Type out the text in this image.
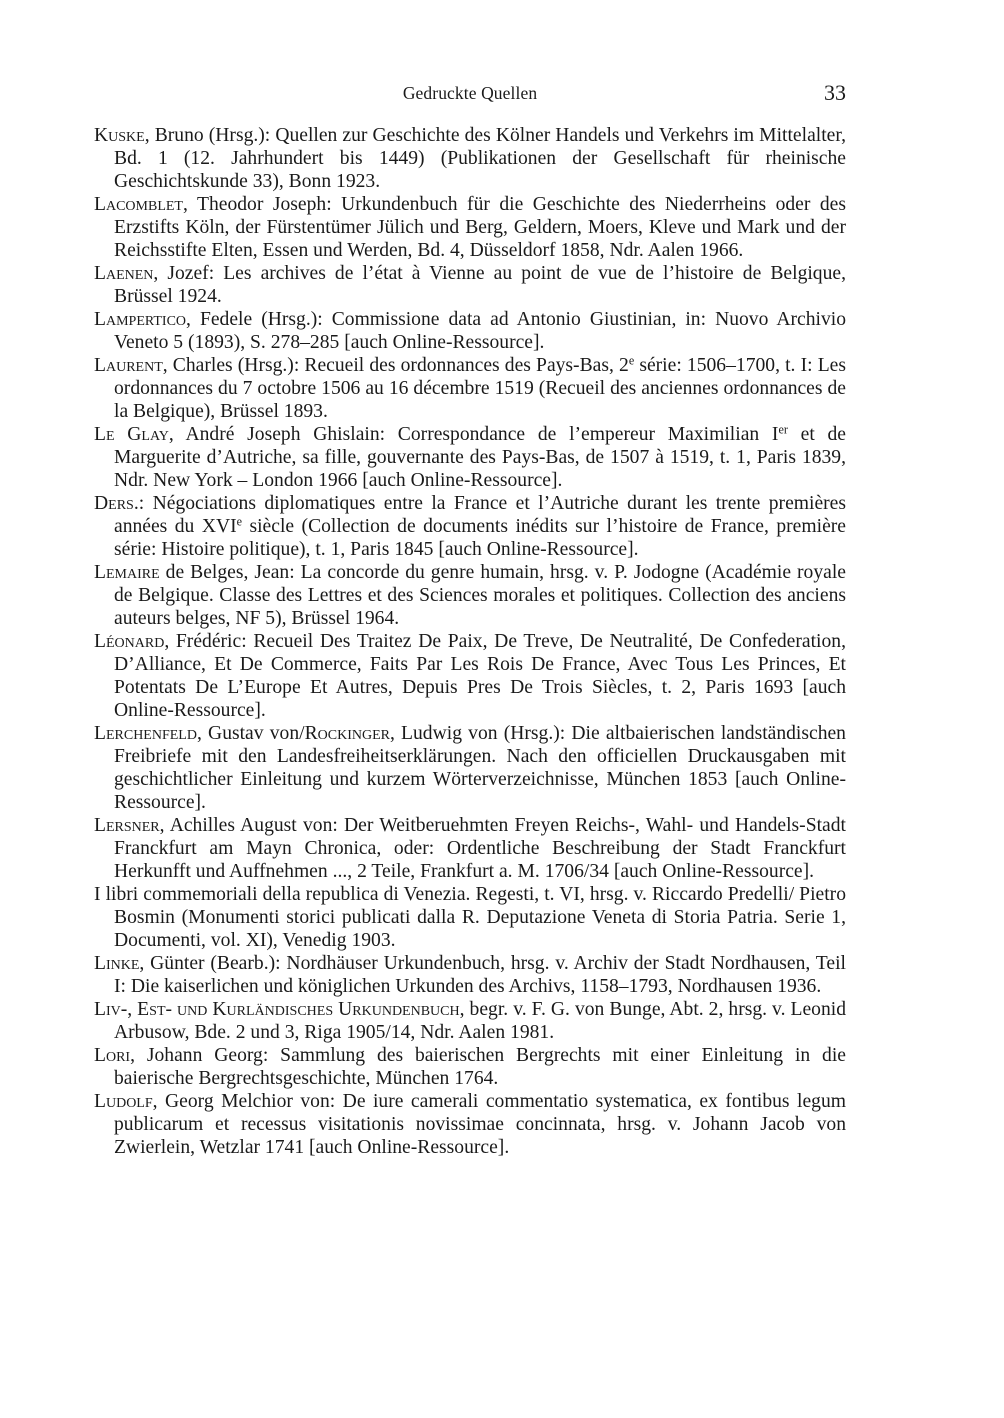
Gedruckte Quellen	33

Kuske, Bruno (Hrsg.): Quellen zur Geschichte des Kölner Handels und Verkehrs im Mittelalter, Bd. 1 (12. Jahrhundert bis 1449) (Publikationen der Gesellschaft für rheinische Geschichtskunde 33), Bonn 1923.

Lacomblet, Theodor Joseph: Urkundenbuch für die Geschichte des Niederrheins oder des Erzstifts Köln, der Fürstentümer Jülich und Berg, Geldern, Moers, Kleve und Mark und der Reichsstifte Elten, Essen und Werden, Bd. 4, Düsseldorf 1858, Ndr. Aalen 1966.

Laenen, Jozef: Les archives de l’état à Vienne au point de vue de l’histoire de Belgique, Brüssel 1924.

Lampertico, Fedele (Hrsg.): Commissione data ad Antonio Giustinian, in: Nuovo Archivio Veneto 5 (1893), S. 278–285 [auch Online-Ressource].

Laurent, Charles (Hrsg.): Recueil des ordonnances des Pays-Bas, 2e série: 1506–1700, t. I: Les ordonnances du 7 octobre 1506 au 16 décembre 1519 (Recueil des anciennes ordonnances de la Belgique), Brüssel 1893.

Le Glay, André Joseph Ghislain: Correspondance de l’empereur Maximilian Ier et de Marguerite d’Autriche, sa fille, gouvernante des Pays-Bas, de 1507 à 1519, t. 1, Paris 1839, Ndr. New York – London 1966 [auch Online-Ressource].

Ders.: Négociations diplomatiques entre la France et l’Autriche durant les trente premières années du XVIe siècle (Collection de documents inédits sur l’histoire de France, première série: Histoire politique), t. 1, Paris 1845 [auch Online-Ressource].

Lemaire de Belges, Jean: La concorde du genre humain, hrsg. v. P. Jodogne (Académie royale de Belgique. Classe des Lettres et des Sciences morales et politiques. Collection des anciens auteurs belges, NF 5), Brüssel 1964.

Léonard, Frédéric: Recueil Des Traitez De Paix, De Treve, De Neutralité, De Confederation, D’Alliance, Et De Commerce, Faits Par Les Rois De France, Avec Tous Les Princes, Et Potentats De L’Europe Et Autres, Depuis Pres De Trois Siècles, t. 2, Paris 1693 [auch Online-Ressource].

Lerchenfeld, Gustav von/Rockinger, Ludwig von (Hrsg.): Die altbaierischen landständischen Freibriefe mit den Landesfreiheitserklärungen. Nach den officiellen Druckausgaben mit geschichtlicher Einleitung und kurzem Wörterverzeichnisse, München 1853 [auch Online-Ressource].

Lersner, Achilles August von: Der Weitberuehmten Freyen Reichs-, Wahl- und Handels-Stadt Franckfurt am Mayn Chronica, oder: Ordentliche Beschreibung der Stadt Franckfurt Herkunfft und Auffnehmen ..., 2 Teile, Frankfurt a. M. 1706/34 [auch Online-Ressource].

I libri commemoriali della republica di Venezia. Regesti, t. VI, hrsg. v. Riccardo Predelli/ Pietro Bosmin (Monumenti storici publicati dalla R. Deputazione Veneta di Storia Patria. Serie 1, Documenti, vol. XI), Venedig 1903.

Linke, Günter (Bearb.): Nordhäuser Urkundenbuch, hrsg. v. Archiv der Stadt Nordhausen, Teil I: Die kaiserlichen und königlichen Urkunden des Archivs, 1158–1793, Nordhausen 1936.

Liv-, Est- und Kurländisches Urkundenbuch, begr. v. F. G. von Bunge, Abt. 2, hrsg. v. Leonid Arbusow, Bde. 2 und 3, Riga 1905/14, Ndr. Aalen 1981.

Lori, Johann Georg: Sammlung des baierischen Bergrechts mit einer Einleitung in die baierische Bergrechtsgeschichte, München 1764.

Ludolf, Georg Melchior von: De iure camerali commentatio systematica, ex fontibus legum publicarum et recessus visitationis novissimae concinnata, hrsg. v. Johann Jacob von Zwierlein, Wetzlar 1741 [auch Online-Ressource].
